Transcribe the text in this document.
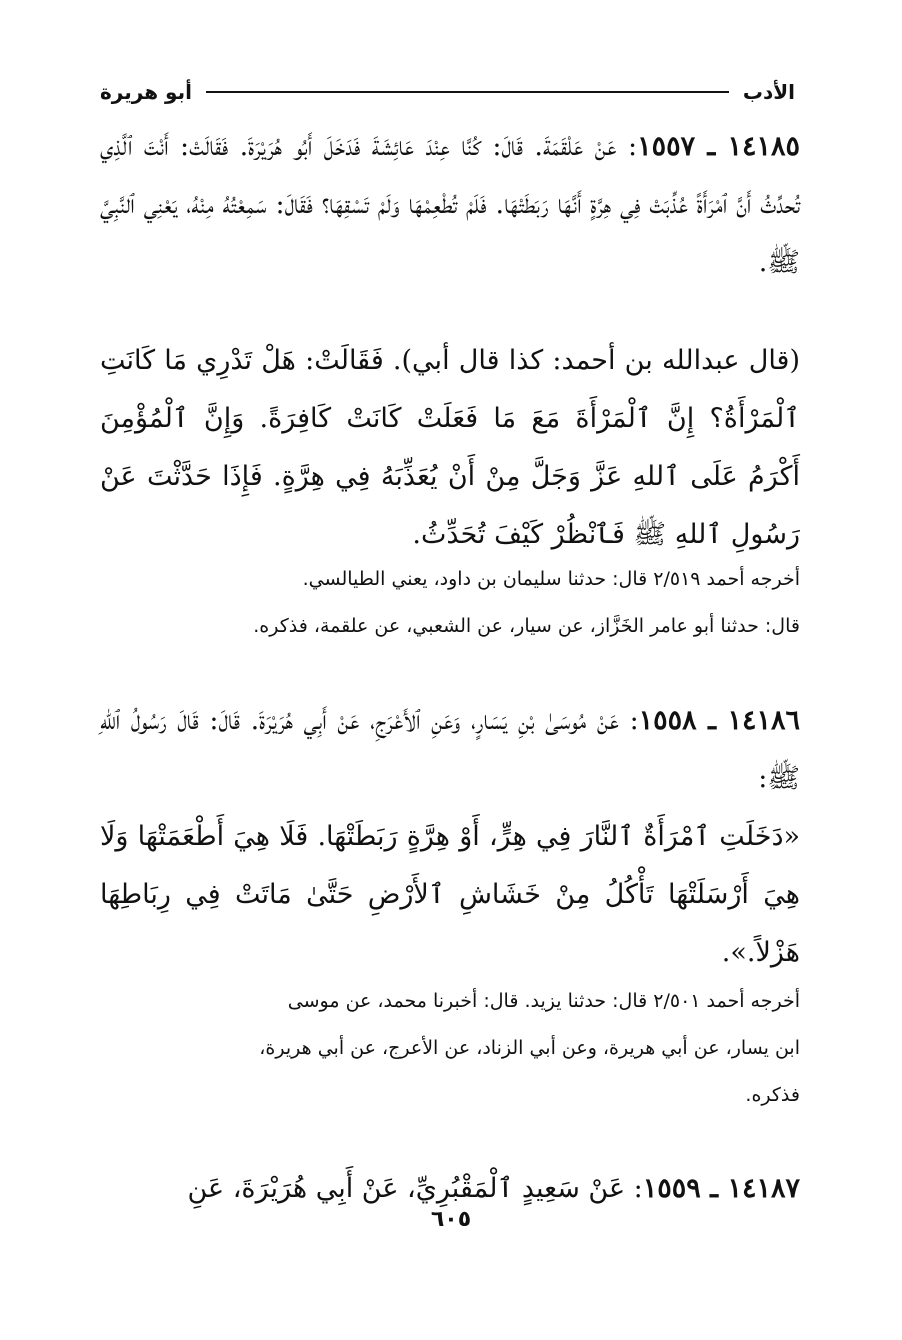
الأدب
أبو هريرة

١٤١٨٥ ـ ١٥٥٧: عَنْ عَلْقَمَةَ. قَالَ: كُنَّا عِنْدَ عَائِشَةَ فَدَخَلَ أَبُو هُرَيْرَةَ. فَقَالَتْ: أَنْتَ ٱلَّذِي تُحدِّثُ أَنَّ ٱمْرَأَةً عُذِّبَتْ فِي هِرَّةٍ أَنَّهَا رَبَطَتْهَا. فَلَمْ تُطْعِمْهَا وَلَمْ تَسْقِهَا؟ فَقَالَ: سَمِعْتُهُ مِنْهُ، يَعْنِي ٱلنَّبِيَّ ﷺ.

(قال عبدالله بن أحمد: كذا قال أبي). فَقَالَتْ: هَلْ تَدْرِي مَا كَانَتِ ٱلْمَرْأَةُ؟ إِنَّ ٱلْمَرْأَةَ مَعَ مَا فَعَلَتْ كَانَتْ كَافِرَةً. وَإِنَّ ٱلْمُؤْمِنَ أَكْرَمُ عَلَى ٱللهِ عَزَّ وَجَلَّ مِنْ أَنْ يُعَذِّبَهُ فِي هِرَّةٍ. فَإِذَا حَدَّثْتَ عَنْ رَسُولِ ٱللهِ ﷺ فَٱنْظُرْ كَيْفَ تُحَدِّثُ.

أخرجه أحمد ٢/٥١٩ قال: حدثنا سليمان بن داود، يعني الطيالسي.

قال: حدثنا أبو عامر الخَزَّاز، عن سيار، عن الشعبي، عن علقمة، فذكره.

١٤١٨٦ ـ ١٥٥٨: عَنْ مُوسَىٰ بْنِ يَسَارٍ، وَعَنِ ٱلأَعْرَجِ، عَنْ أَبِي هُرَيْرَةَ. قَالَ: قَالَ رَسُولُ ٱللهِ ﷺ:

«دَخَلَتِ ٱمْرَأَةٌ ٱلنَّارَ فِي هِرٍّ، أَوْ هِرَّةٍ رَبَطَتْهَا. فَلَا هِيَ أَطْعَمَتْهَا وَلَا هِيَ أَرْسَلَتْهَا تَأْكُلُ مِنْ خَشَاشِ ٱلأَرْضِ حَتَّىٰ مَاتَتْ فِي رِبَاطِهَا هَزْلاً.».

أخرجه أحمد ٢/٥٠١ قال: حدثنا يزيد. قال: أخبرنا محمد، عن موسى

ابن يسار، عن أبي هريرة، وعن أبي الزناد، عن الأعرج، عن أبي هريرة،

فذكره.

١٤١٨٧ ـ ١٥٥٩: عَنْ سَعِيدٍ ٱلْمَقْبُرِيِّ، عَنْ أَبِي هُرَيْرَةَ، عَنِ

٦٠٥
